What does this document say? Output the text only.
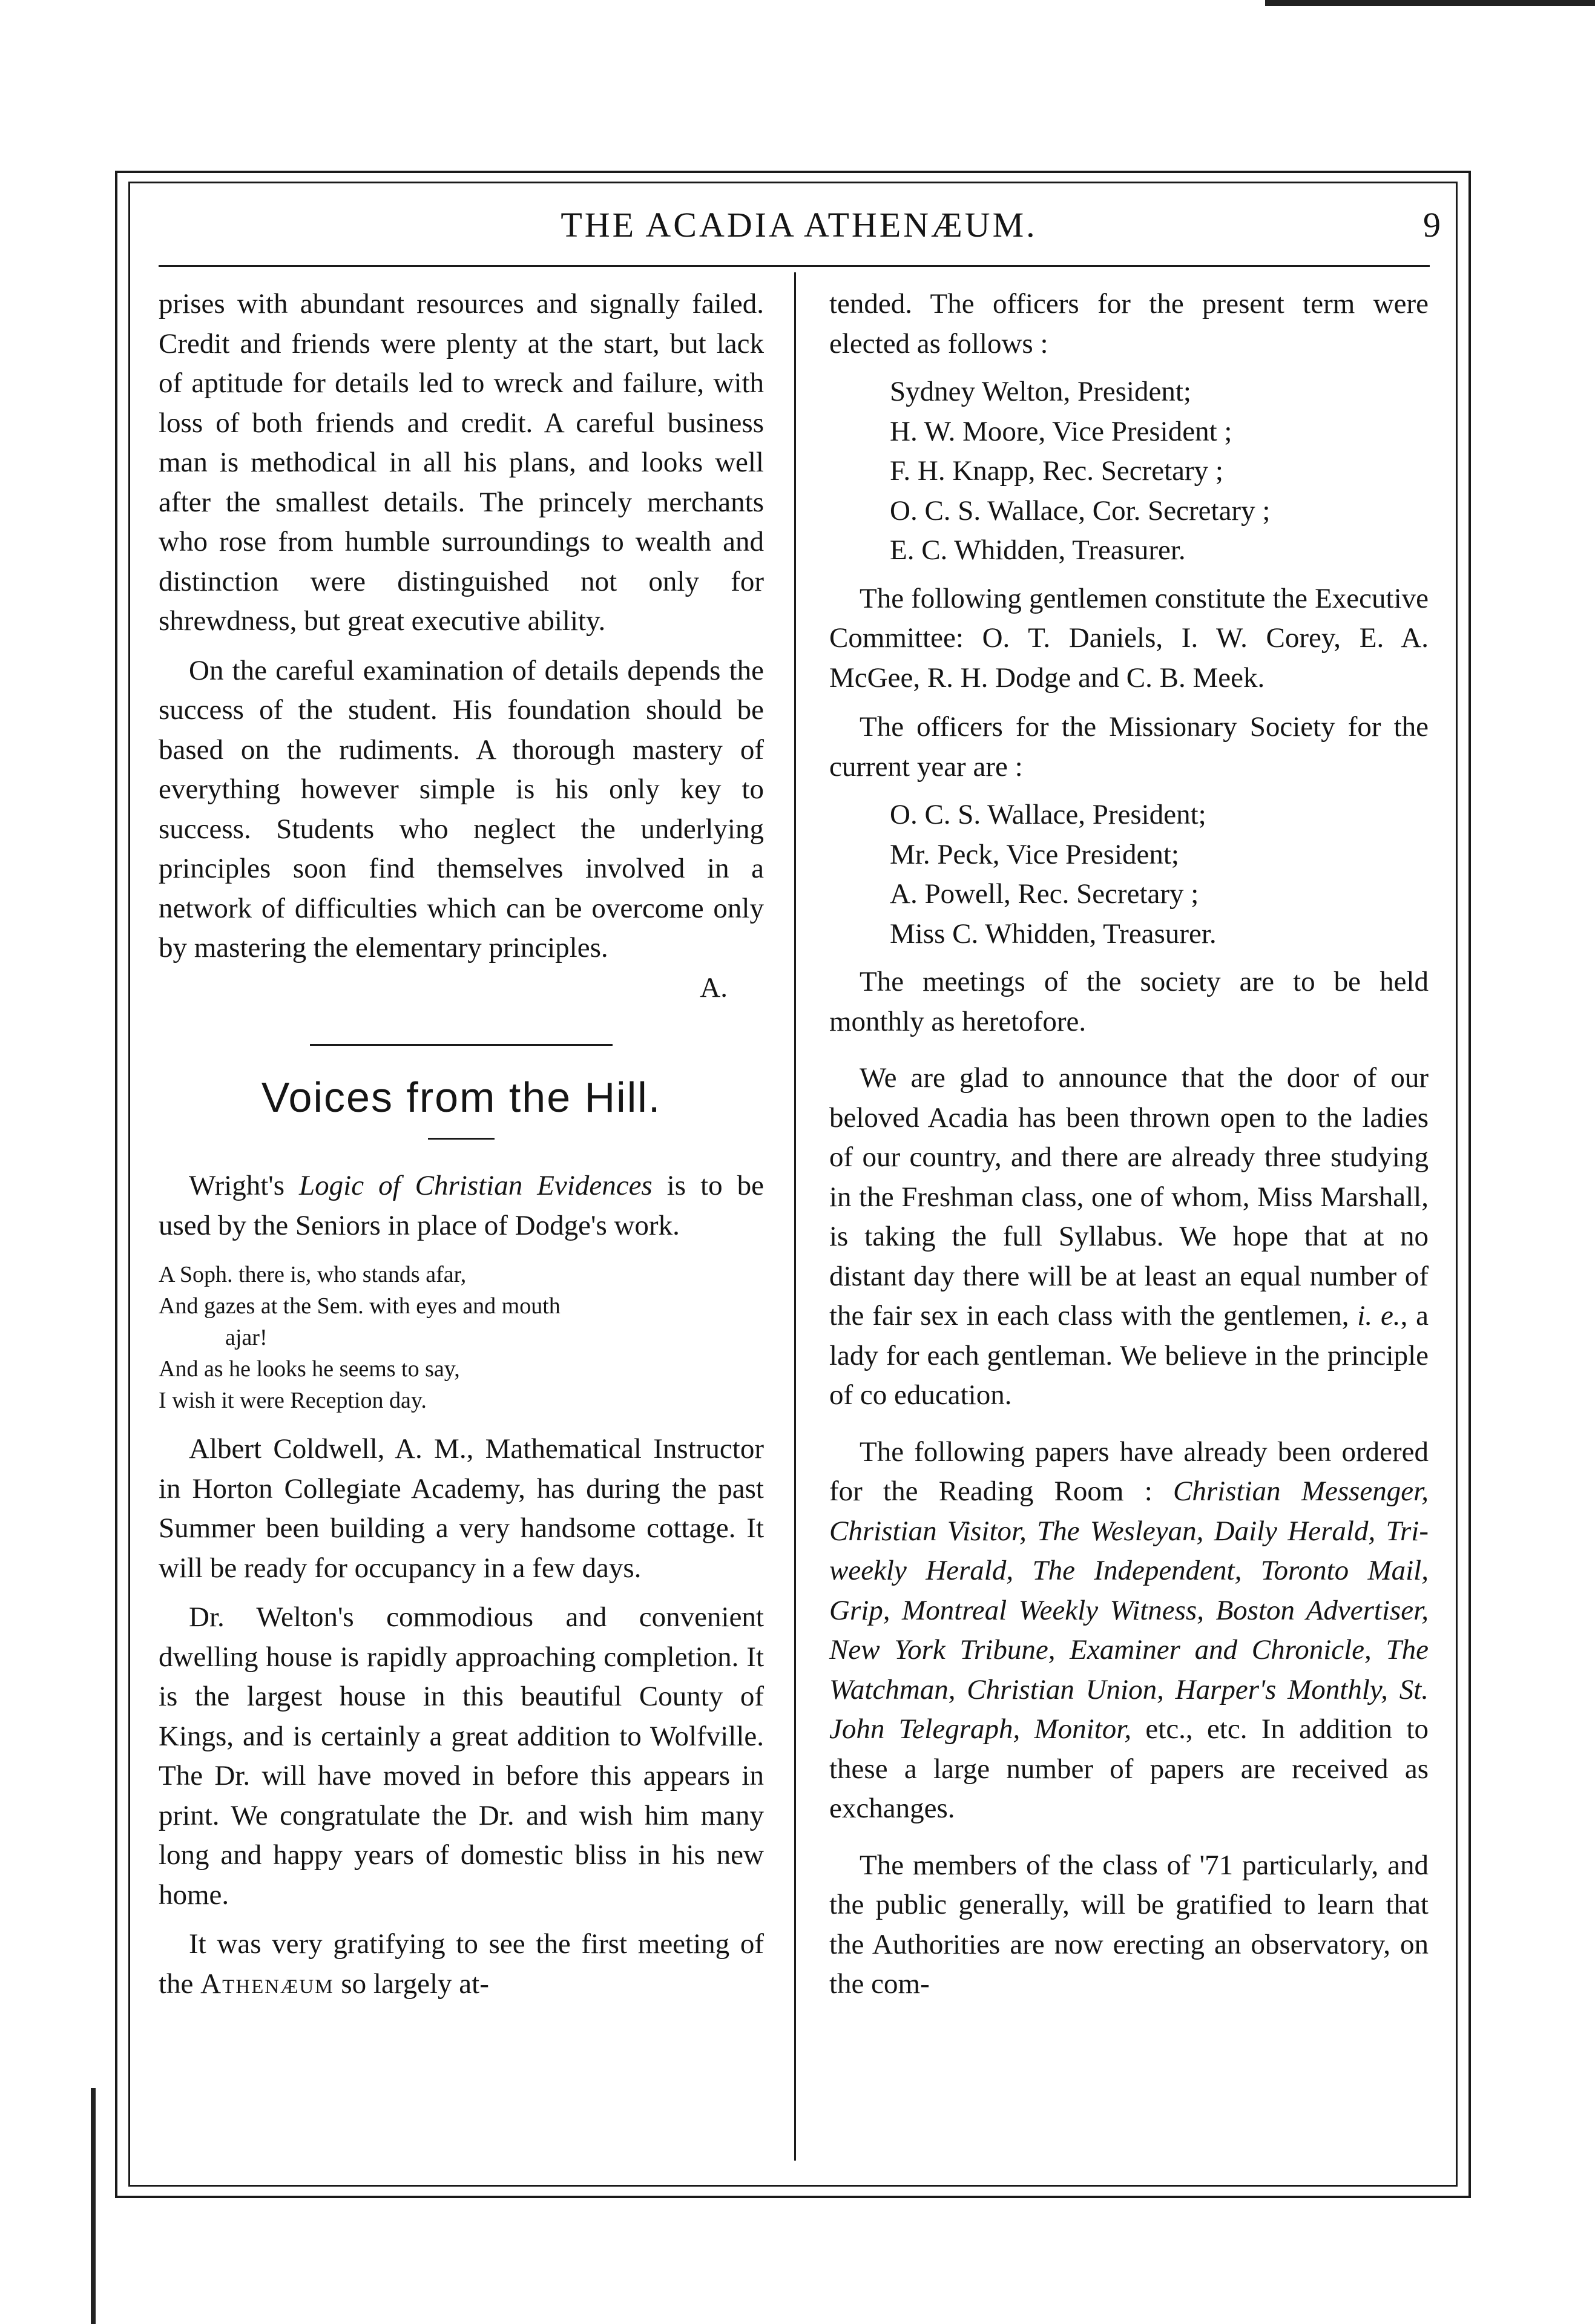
THE ACADIA ATHENÆUM.	9

prises with abundant resources and signally failed. Credit and friends were plenty at the start, but lack of aptitude for details led to wreck and failure, with loss of both friends and credit. A careful business man is methodical in all his plans, and looks well after the smallest details. The princely merchants who rose from humble surroundings to wealth and distinction were distinguished not only for shrewdness, but great executive ability.

On the careful examination of details depends the success of the student. His foundation should be based on the rudiments. A thorough mastery of everything however simple is his only key to success. Students who neglect the underlying principles soon find themselves involved in a network of difficulties which can be overcome only by mastering the elementary principles.

A.
Voices from the Hill.

Wright's Logic of Christian Evidences is to be used by the Seniors in place of Dodge's work.

A Soph. there is, who stands afar,
And gazes at the Sem. with eyes and mouth
ajar!
And as he looks he seems to say,
I wish it were Reception day.

Albert Coldwell, A. M., Mathematical Instructor in Horton Collegiate Academy, has during the past Summer been building a very handsome cottage. It will be ready for occupancy in a few days.

Dr. Welton's commodious and convenient dwelling house is rapidly approaching completion. It is the largest house in this beautiful County of Kings, and is certainly a great addition to Wolfville. The Dr. will have moved in before this appears in print. We congratulate the Dr. and wish him many long and happy years of domestic bliss in his new home.

It was very gratifying to see the first meeting of the Athenæum so largely at-

tended. The officers for the present term were elected as follows :

Sydney Welton, President;
H. W. Moore, Vice President ;
F. H. Knapp, Rec. Secretary ;
O. C. S. Wallace, Cor. Secretary ;
E. C. Whidden, Treasurer.

The following gentlemen constitute the Executive Committee: O. T. Daniels, I. W. Corey, E. A. McGee, R. H. Dodge and C. B. Meek.

The officers for the Missionary Society for the current year are :

O. C. S. Wallace, President;
Mr. Peck, Vice President;
A. Powell, Rec. Secretary ;
Miss C. Whidden, Treasurer.

The meetings of the society are to be held monthly as heretofore.

We are glad to announce that the door of our beloved Acadia has been thrown open to the ladies of our country, and there are already three studying in the Freshman class, one of whom, Miss Marshall, is taking the full Syllabus. We hope that at no distant day there will be at least an equal number of the fair sex in each class with the gentlemen, i. e., a lady for each gentleman. We believe in the principle of co education.

The following papers have already been ordered for the Reading Room : Christian Messenger, Christian Visitor, The Wesleyan, Daily Herald, Tri-weekly Herald, The Independent, Toronto Mail, Grip, Montreal Weekly Witness, Boston Advertiser, New York Tribune, Examiner and Chronicle, The Watchman, Christian Union, Harper's Monthly, St. John Telegraph, Monitor, etc., etc. In addition to these a large number of papers are received as exchanges.

The members of the class of '71 particularly, and the public generally, will be gratified to learn that the Authorities are now erecting an observatory, on the com-
